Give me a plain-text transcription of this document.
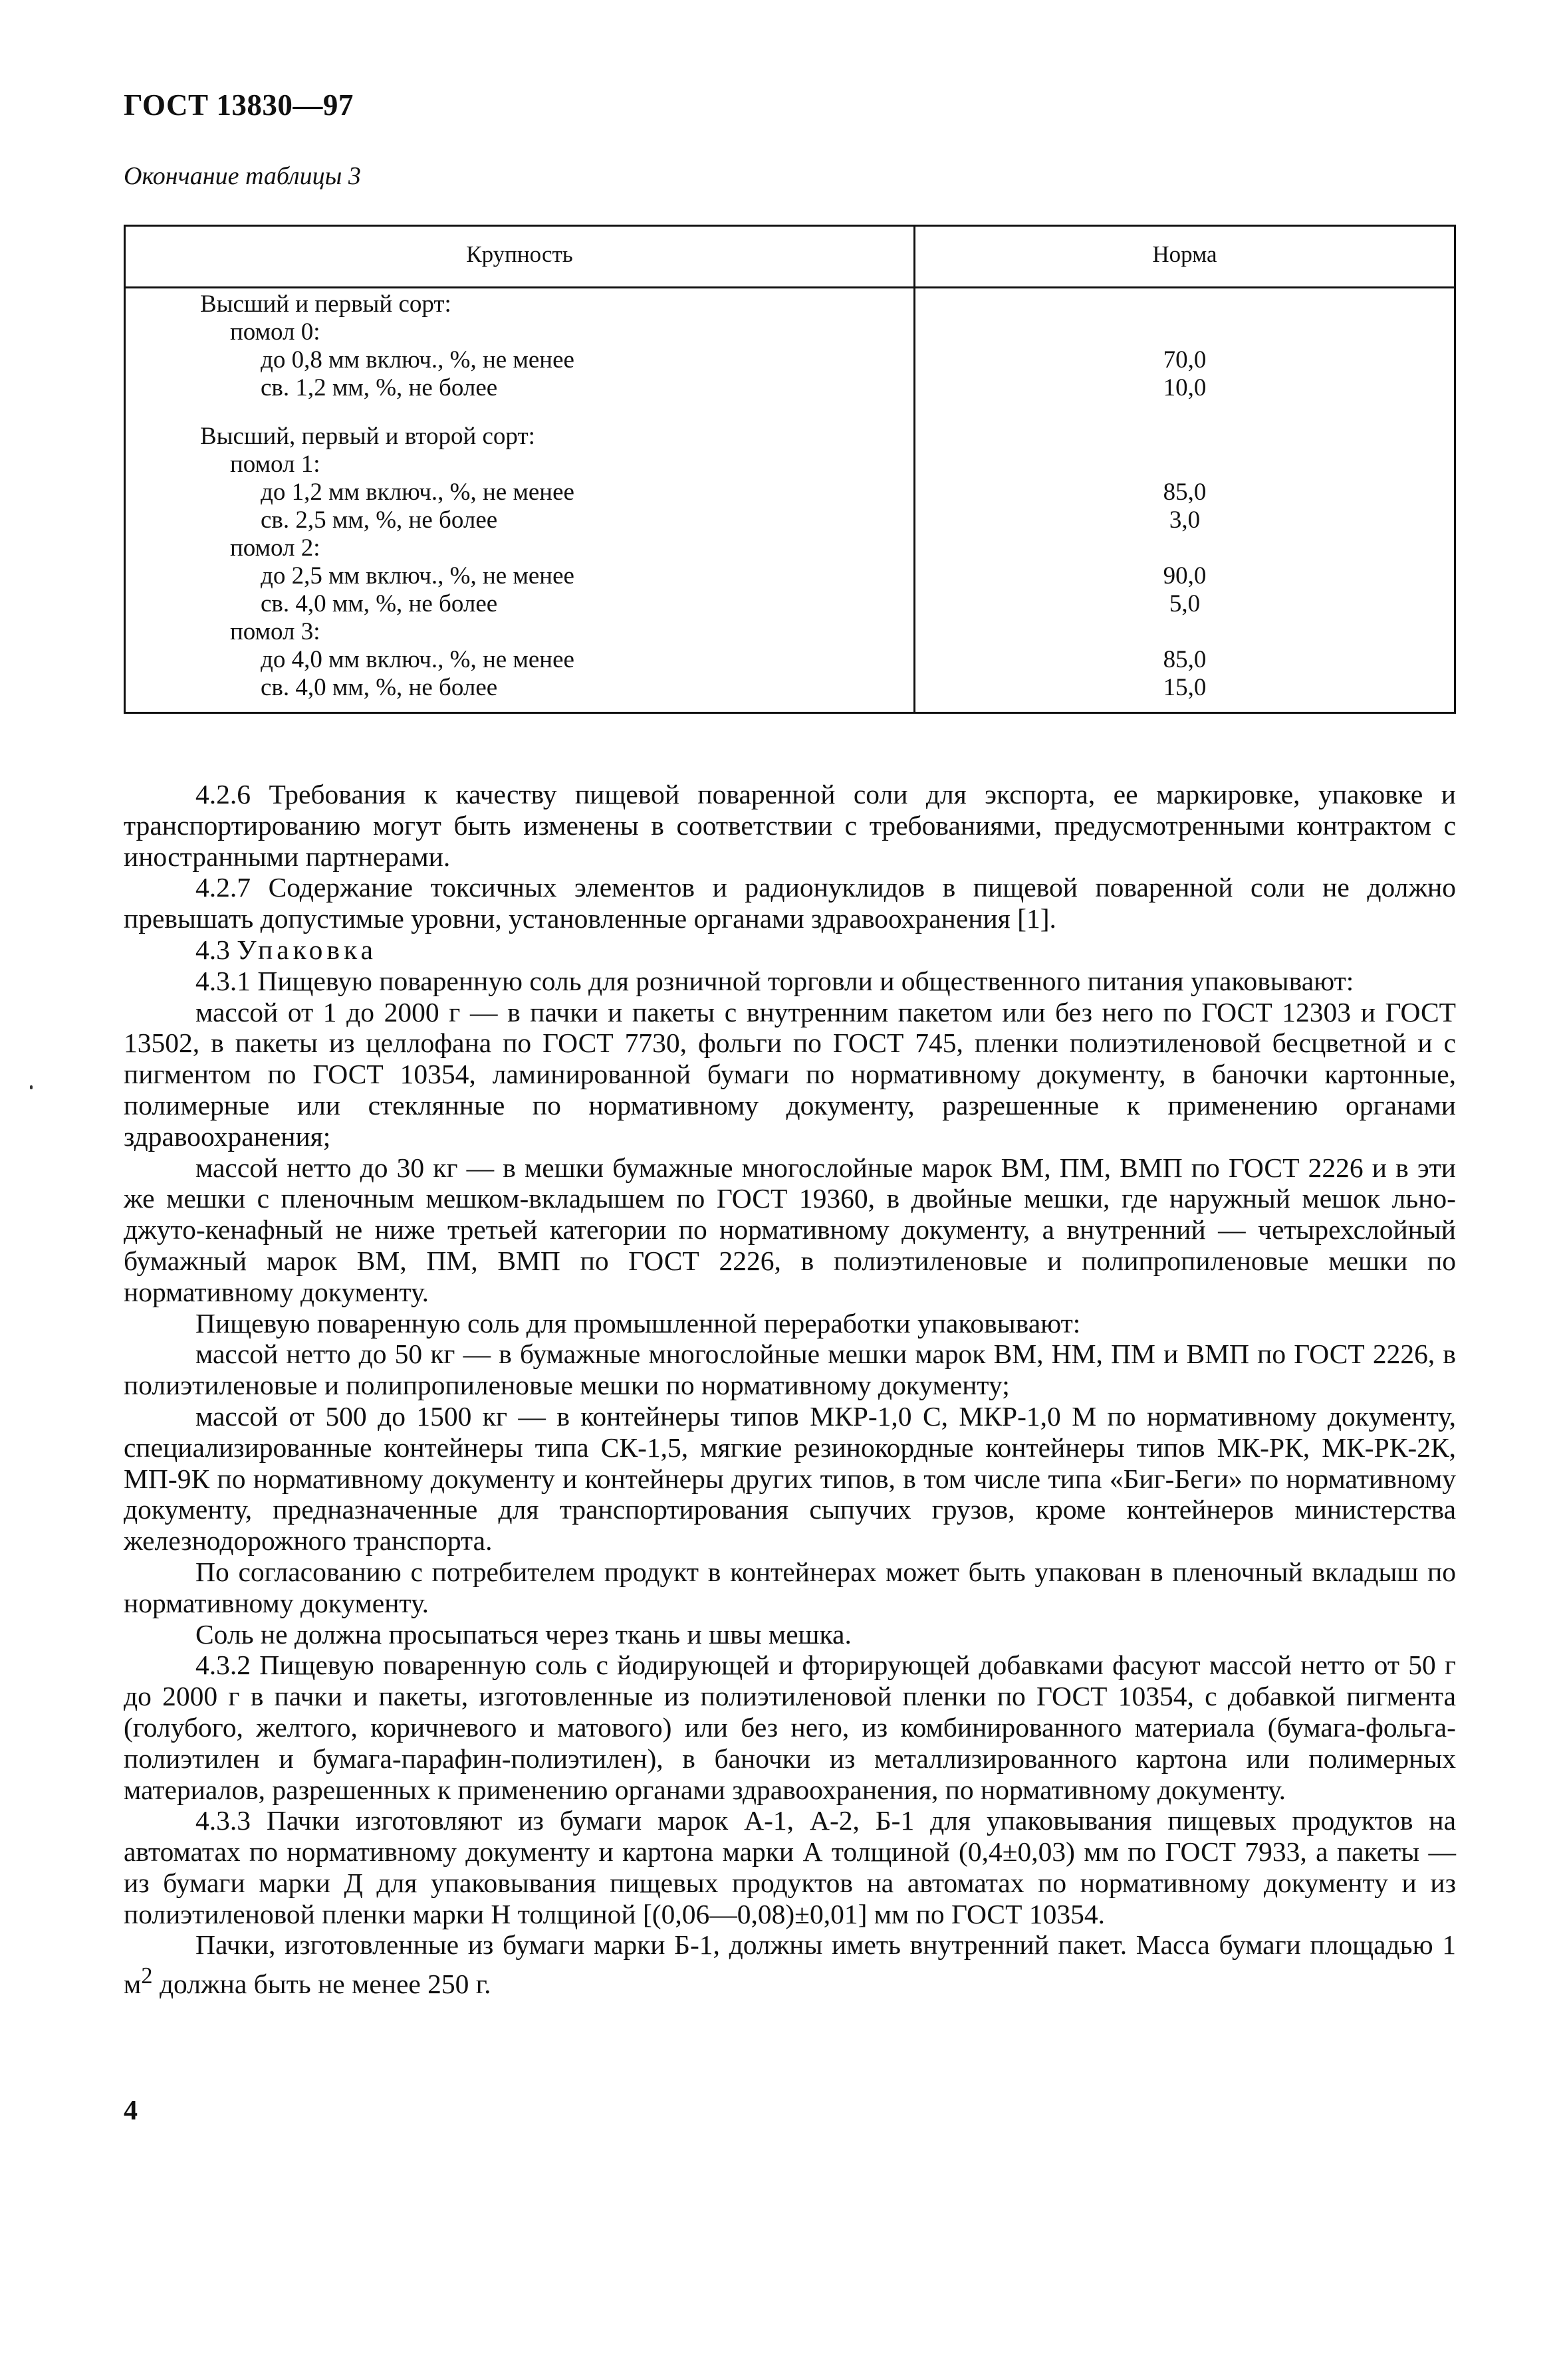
ГОСТ 13830—97
Окончание таблицы 3
Крупность	Норма
Высший и первый сорт:
помол 0:
до 0,8 мм включ., %, не менее	70,0
св. 1,2 мм, %, не более	10,0
Высший, первый и второй сорт:
помол 1:
до 1,2 мм включ., %, не менее	85,0
св. 2,5 мм, %, не более	3,0
помол 2:
до 2,5 мм включ., %, не менее	90,0
св. 4,0 мм, %, не более	5,0
помол 3:
до 4,0 мм включ., %, не менее	85,0
св. 4,0 мм, %, не более	15,0

4.2.6 Требования к качеству пищевой поваренной соли для экспорта, ее маркировке, упаковке и транспортированию могут быть изменены в соответствии с требованиями, предусмотренными контрактом с иностранными партнерами.

4.2.7 Содержание токсичных элементов и радионуклидов в пищевой поваренной соли не должно превышать допустимые уровни, установленные органами здравоохранения [1].

4.3 Упаковка

4.3.1 Пищевую поваренную соль для розничной торговли и общественного питания упаковывают:

массой от 1 до 2000 г — в пачки и пакеты с внутренним пакетом или без него по ГОСТ 12303 и ГОСТ 13502, в пакеты из целлофана по ГОСТ 7730, фольги по ГОСТ 745, пленки полиэтиленовой бесцветной и с пигментом по ГОСТ 10354, ламинированной бумаги по нормативному документу, в баночки картонные, полимерные или стеклянные по нормативному документу, разрешенные к применению органами здравоохранения;

массой нетто до 30 кг — в мешки бумажные многослойные марок ВМ, ПМ, ВМП по ГОСТ 2226 и в эти же мешки с пленочным мешком-вкладышем по ГОСТ 19360, в двойные мешки, где наружный мешок льно-джуто-кенафный не ниже третьей категории по нормативному документу, а внутренний — четырехслойный бумажный марок ВМ, ПМ, ВМП по ГОСТ 2226, в полиэтиленовые и полипропиленовые мешки по нормативному документу.

Пищевую поваренную соль для промышленной переработки упаковывают:

массой нетто до 50 кг — в бумажные многослойные мешки марок ВМ, НМ, ПМ и ВМП по ГОСТ 2226, в полиэтиленовые и полипропиленовые мешки по нормативному документу;

массой от 500 до 1500 кг — в контейнеры типов МКР-1,0 С, МКР-1,0 М по нормативному документу, специализированные контейнеры типа СК-1,5, мягкие резинокордные контейнеры типов МК-РК, МК-РК-2К, МП-9К по нормативному документу и контейнеры других типов, в том числе типа «Биг-Беги» по нормативному документу, предназначенные для транспортирования сыпучих грузов, кроме контейнеров министерства железнодорожного транспорта.

По согласованию с потребителем продукт в контейнерах может быть упакован в пленочный вкладыш по нормативному документу.

Соль не должна просыпаться через ткань и швы мешка.

4.3.2 Пищевую поваренную соль с йодирующей и фторирующей добавками фасуют массой нетто от 50 г до 2000 г в пачки и пакеты, изготовленные из полиэтиленовой пленки по ГОСТ 10354, с добавкой пигмента (голубого, желтого, коричневого и матового) или без него, из комбинированного материала (бумага-фольга-полиэтилен и бумага-парафин-полиэтилен), в баночки из металлизированного картона или полимерных материалов, разрешенных к применению органами здравоохранения, по нормативному документу.

4.3.3 Пачки изготовляют из бумаги марок А-1, А-2, Б-1 для упаковывания пищевых продуктов на автоматах по нормативному документу и картона марки А толщиной (0,4±0,03) мм по ГОСТ 7933, а пакеты — из бумаги марки Д для упаковывания пищевых продуктов на автоматах по нормативному документу и из полиэтиленовой пленки марки Н толщиной [(0,06—0,08)±0,01] мм по ГОСТ 10354.

Пачки, изготовленные из бумаги марки Б-1, должны иметь внутренний пакет. Масса бумаги площадью 1 $м^2$ должна быть не менее 250 г.

4
